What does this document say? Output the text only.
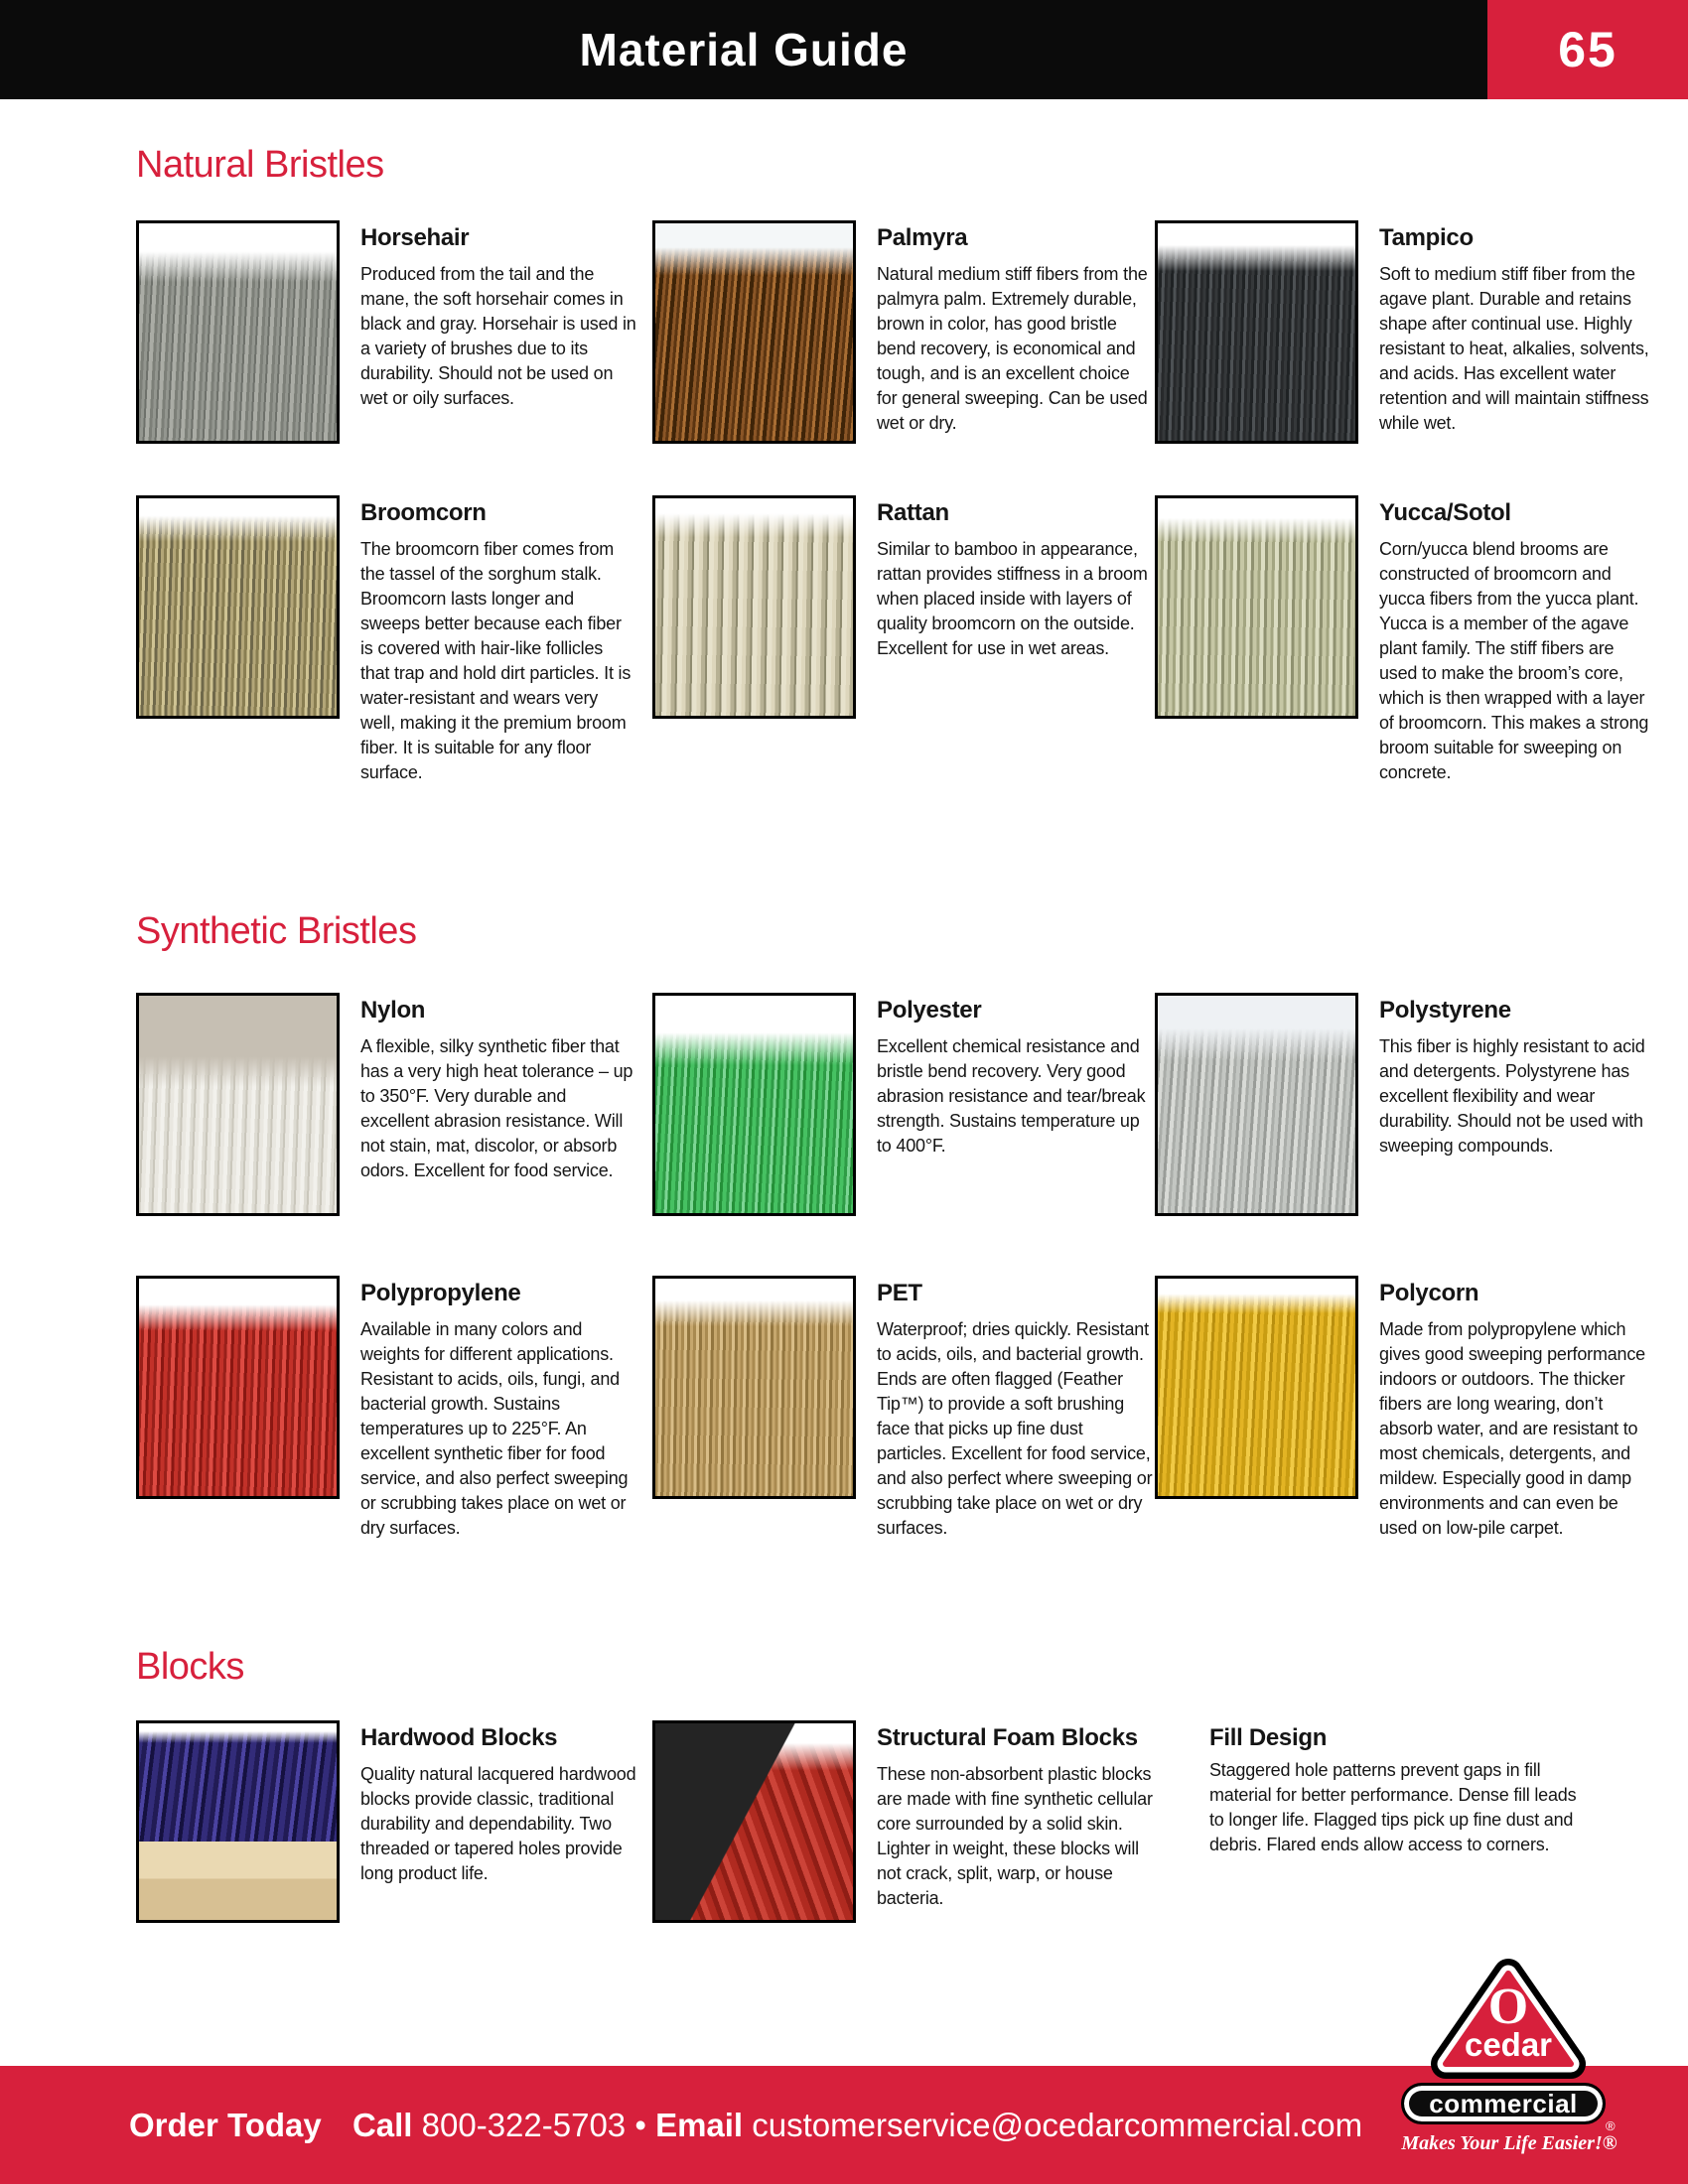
Material Guide	65
Natural Bristles
Synthetic Bristles
Blocks
Horsehair

Produced from the tail and the mane, the soft horsehair comes in black and gray. Horsehair is used in a variety of brushes due to its durability. Should not be used on wet or oily surfaces.

Palmyra

Natural medium stiff fibers from the palmyra palm. Extremely durable, brown in color, has good bristle bend recovery, is economical and tough, and is an excellent choice for general sweeping. Can be used wet or dry.

Tampico

Soft to medium stiff fiber from the agave plant. Durable and retains shape after continual use. Highly resistant to heat, alkalies, solvents, and acids. Has excellent water retention and will maintain stiffness while wet.

Broomcorn

The broomcorn fiber comes from the tassel of the sorghum stalk. Broomcorn lasts longer and sweeps better because each fiber is covered with hair-like follicles that trap and hold dirt particles. It is water-resistant and wears very well, making it the premium broom fiber. It is suitable for any floor surface.

Rattan

Similar to bamboo in appearance, rattan provides stiffness in a broom when placed inside with layers of quality broomcorn on the outside. Excellent for use in wet areas.

Yucca/Sotol

Corn/yucca blend brooms are constructed of broomcorn and yucca fibers from the yucca plant. Yucca is a member of the agave plant family. The stiff fibers are used to make the broom’s core, which is then wrapped with a layer of broomcorn. This makes a strong broom suitable for sweeping on concrete.

Nylon

A flexible, silky synthetic fiber that has a very high heat tolerance – up to 350°F. Very durable and excellent abrasion resistance. Will not stain, mat, discolor, or absorb odors. Excellent for food service.

Polyester

Excellent chemical resistance and bristle bend recovery. Very good abrasion resistance and tear/break strength. Sustains temperature up to 400°F.

Polystyrene

This fiber is highly resistant to acid and detergents. Polystyrene has excellent flexibility and wear durability. Should not be used with sweeping compounds.

Polypropylene

Available in many colors and weights for different applications. Resistant to acids, oils, fungi, and bacterial growth. Sustains temperatures up to 225°F. An excellent synthetic fiber for food service, and also perfect sweeping or scrubbing takes place on wet or dry surfaces.

PET

Waterproof; dries quickly. Resistant to acids, oils, and bacterial growth. Ends are often flagged (Feather Tip™) to provide a soft brushing face that picks up fine dust particles. Excellent for food service, and also perfect where sweeping or scrubbing take place on wet or dry surfaces.

Polycorn

Made from polypropylene which gives good sweeping performance indoors or outdoors. The thicker fibers are long wearing, don’t absorb water, and are resistant to most chemicals, detergents, and mildew. Especially good in damp environments and can even be used on low-pile carpet.

Hardwood Blocks

Quality natural lacquered hardwood blocks provide classic, traditional durability and dependability. Two threaded or tapered holes provide long product life.

Structural Foam Blocks

These non-absorbent plastic blocks are made with fine synthetic cellular core surrounded by a solid skin. Lighter in weight, these blocks will not crack, split, warp, or house bacteria.

Fill Design

Staggered hole patterns prevent gaps in fill material for better performance. Dense fill leads to longer life. Flagged tips pick up fine dust and debris. Flared ends allow access to corners.

Order Today Call 800-322-5703 • Email customerservice@ocedarcommercial.com
O
cedar
commercial
®
Makes Your Life Easier!®
